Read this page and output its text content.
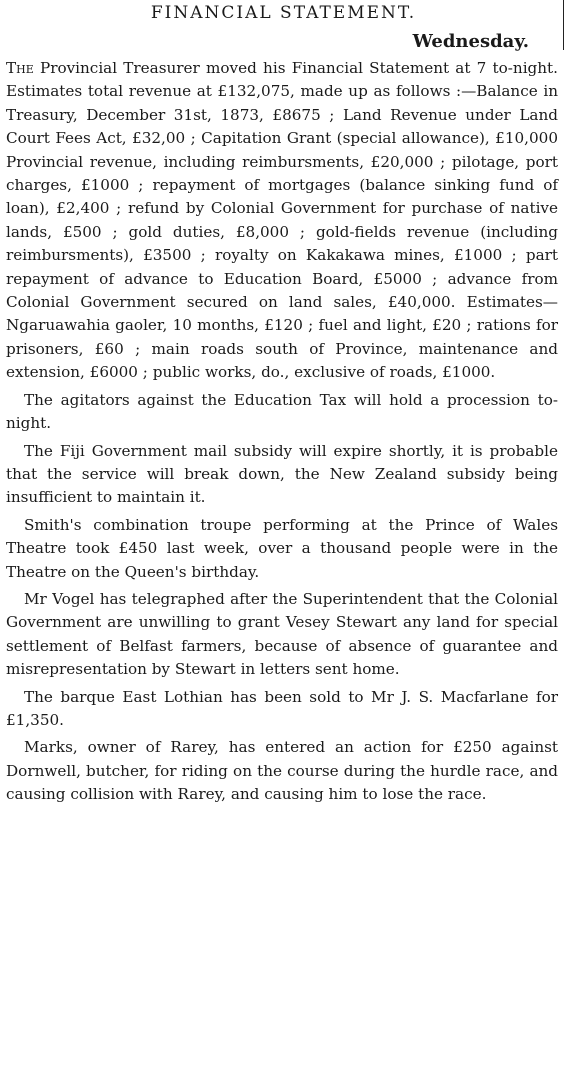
FINANCIAL STATEMENT.
Wednesday.

The Provincial Treasurer moved his Financial Statement at 7 to-night. Estimates total revenue at £132,075, made up as follows :—Balance in Treasury, December 31st, 1873, £8675 ; Land Revenue under Land Court Fees Act, £32,00 ; Capitation Grant (special allowance), £10,000 Provincial revenue, including reimbursments, £20,000 ; pilotage, port charges, £1000 ; repayment of mortgages (balance sinking fund of loan), £2,400 ; refund by Colonial Government for purchase of native lands, £500 ; gold duties, £8,000 ; gold-fields revenue (including reimbursments), £3500 ; royalty on Kakakawa mines, £1000 ; part repayment of advance to Education Board, £5000 ; advance from Colonial Government secured on land sales, £40,000. Estimates—Ngaruawahia gaoler, 10 months, £120 ; fuel and light, £20 ; rations for prisoners, £60 ; main roads south of Province, maintenance and extension, £6000 ; public works, do., exclusive of roads, £1000.

The agitators against the Education Tax will hold a procession to-night.

The Fiji Government mail subsidy will expire shortly, it is probable that the service will break down, the New Zealand subsidy being insufficient to maintain it.

Smith's combination troupe performing at the Prince of Wales Theatre took £450 last week, over a thousand people were in the Theatre on the Queen's birthday.

Mr Vogel has telegraphed after the Superintendent that the Colonial Government are unwilling to grant Vesey Stewart any land for special settlement of Belfast farmers, because of absence of guarantee and misrepresentation by Stewart in letters sent home.

The barque East Lothian has been sold to Mr J. S. Macfarlane for £1,350.

Marks, owner of Rarey, has entered an action for £250 against Dornwell, butcher, for riding on the course during the hurdle race, and causing collision with Rarey, and causing him to lose the race.
